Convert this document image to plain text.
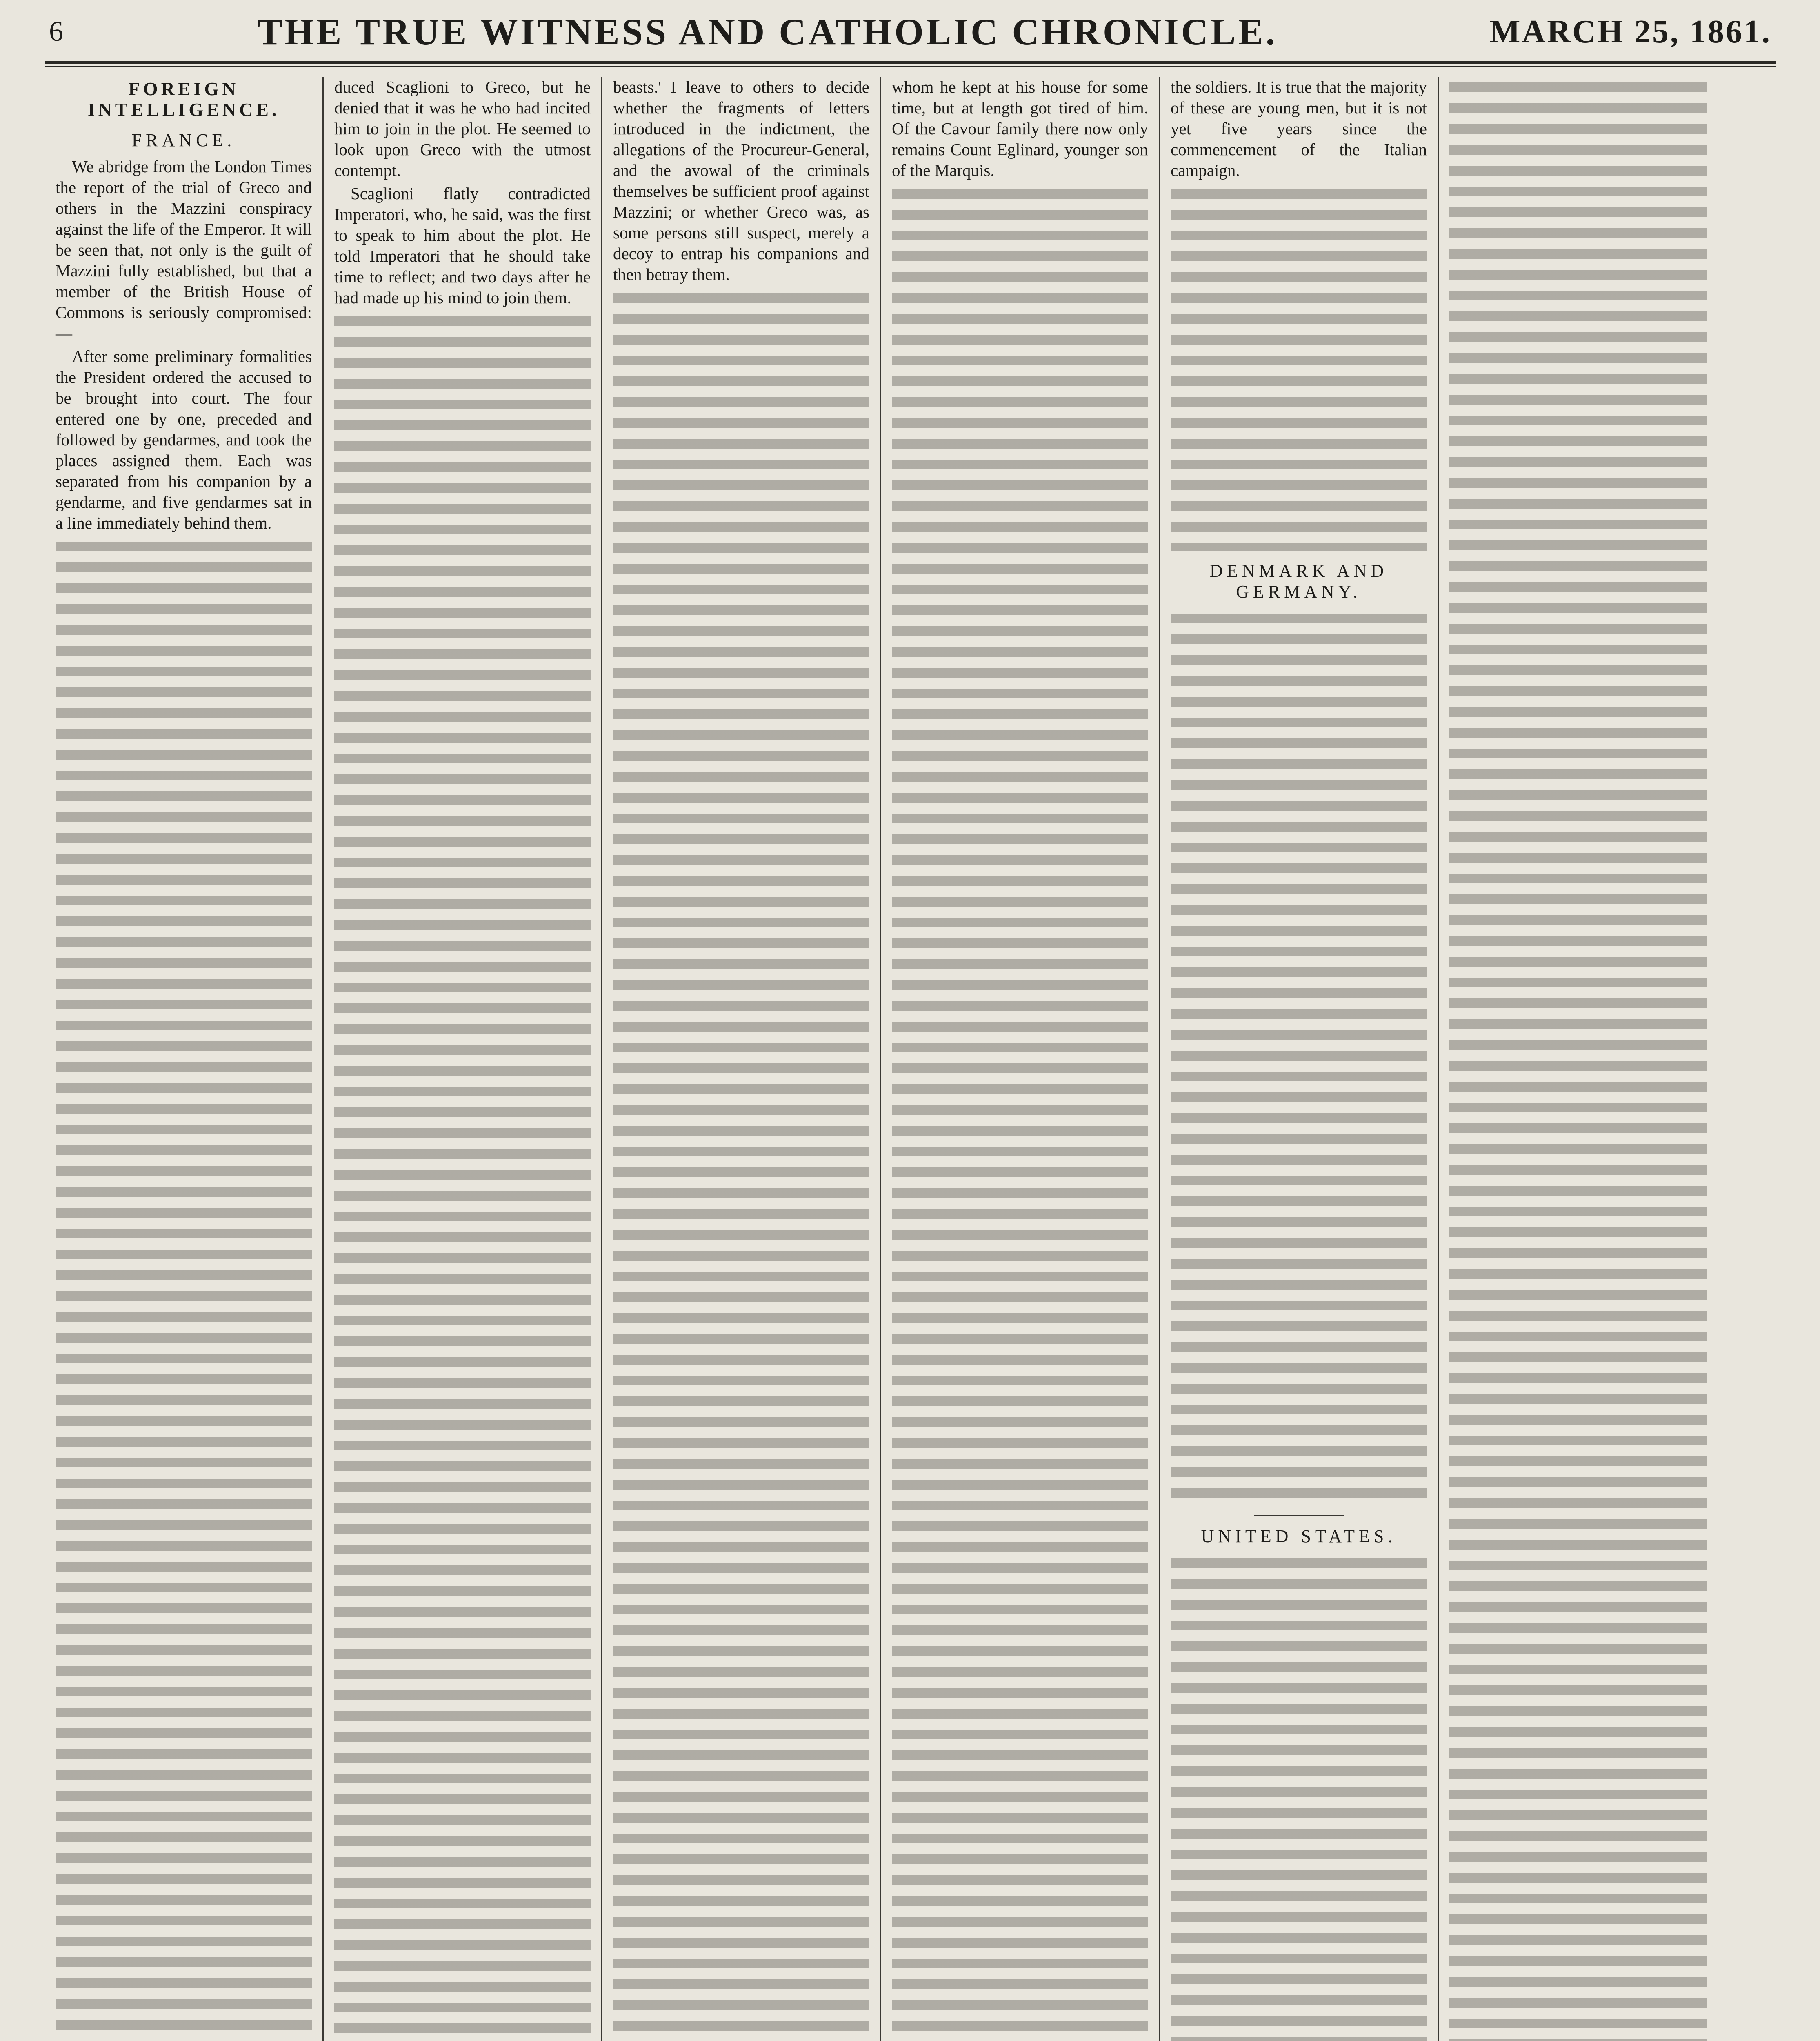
6	THE TRUE WITNESS AND CATHOLIC CHRONICLE.	MARCH 25, 1861.
FOREIGN INTELLIGENCE.
FRANCE.

We abridge from the London Times the report of the trial of Greco and others in the Mazzini conspiracy against the life of the Emperor. It will be seen that, not only is the guilt of Mazzini fully established, but that a member of the British House of Commons is seriously compromised:—

After some preliminary formalities the President ordered the accused to be brought into court. The four entered one by one, preceded and followed by gendarmes, and took the places assigned them. Each was separated from his companion by a gendarme, and five gendarmes sat in a line immediately behind them.

duced Scaglioni to Greco, but he denied that it was he who had incited him to join in the plot. He seemed to look upon Greco with the utmost contempt.

Scaglioni flatly contradicted Imperatori, who, he said, was the first to speak to him about the plot. He told Imperatori that he should take time to reflect; and two days after he had made up his mind to join them.

beasts.' I leave to others to decide whether the fragments of letters introduced in the indictment, the allegations of the Procureur-General, and the avowal of the criminals themselves be sufficient proof against Mazzini; or whether Greco was, as some persons still suspect, merely a decoy to entrap his companions and then betray them.

whom he kept at his house for some time, but at length got tired of him. Of the Cavour family there now only remains Count Eglinard, younger son of the Marquis.

the soldiers. It is true that the majority of these are young men, but it is not yet five years since the commencement of the Italian campaign.

DENMARK AND GERMANY.
UNITED STATES.
